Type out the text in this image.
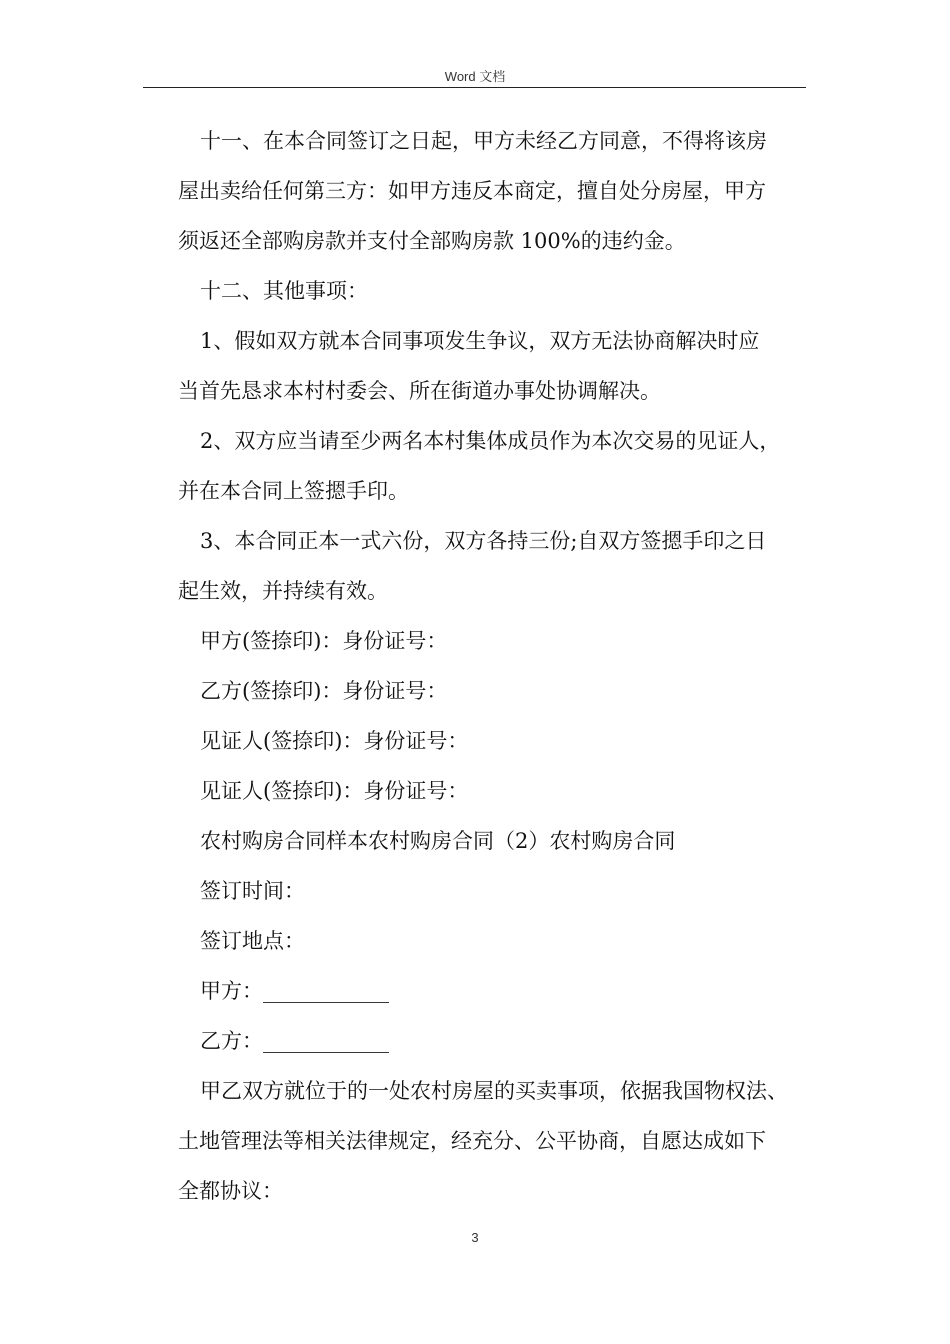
Word 文档
十一、在本合同签订之日起，甲方未经乙方同意，不得将该房
屋出卖给任何第三方：如甲方违反本商定，擅自处分房屋，甲方
须返还全部购房款并支付全部购房款 100%的违约金。
十二、其他事项：
1、假如双方就本合同事项发生争议，双方无法协商解决时应
当首先恳求本村村委会、所在街道办事处协调解决。
2、双方应当请至少两名本村集体成员作为本次交易的见证人，
并在本合同上签摁手印。
3、本合同正本一式六份，双方各持三份;自双方签摁手印之日
起生效，并持续有效。
甲方(签捺印)：身份证号：
乙方(签捺印)：身份证号：
见证人(签捺印)：身份证号：
见证人(签捺印)：身份证号：
农村购房合同样本农村购房合同（2）农村购房合同
签订时间：
签订地点：
甲方：____________
乙方：____________
甲乙双方就位于的一处农村房屋的买卖事项，依据我国物权法、
土地管理法等相关法律规定，经充分、公平协商，自愿达成如下
全都协议：
3
